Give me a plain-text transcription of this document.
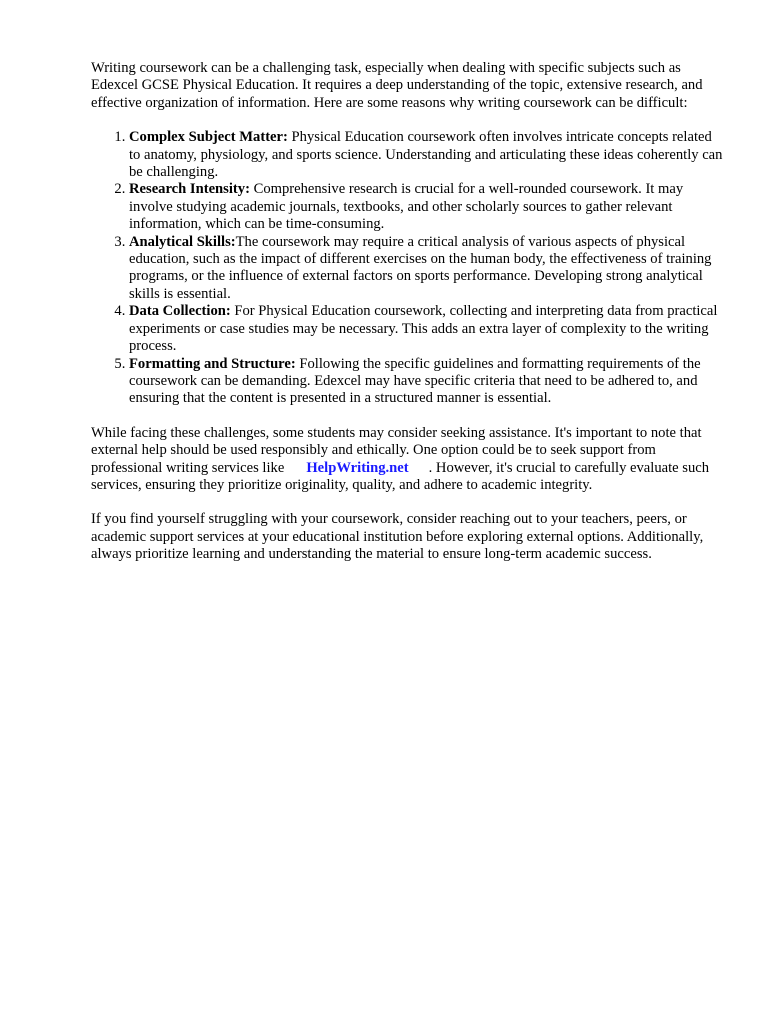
Writing coursework can be a challenging task, especially when dealing with specific subjects such as Edexcel GCSE Physical Education. It requires a deep understanding of the topic, extensive research, and effective organization of information. Here are some reasons why writing coursework can be difficult:

1. Complex Subject Matter: Physical Education coursework often involves intricate concepts related to anatomy, physiology, and sports science. Understanding and articulating these ideas coherently can be challenging.
2. Research Intensity: Comprehensive research is crucial for a well-rounded coursework. It may involve studying academic journals, textbooks, and other scholarly sources to gather relevant information, which can be time-consuming.
3. Analytical Skills:The coursework may require a critical analysis of various aspects of physical education, such as the impact of different exercises on the human body, the effectiveness of training programs, or the influence of external factors on sports performance. Developing strong analytical skills is essential.
4. Data Collection: For Physical Education coursework, collecting and interpreting data from practical experiments or case studies may be necessary. This adds an extra layer of complexity to the writing process.
5. Formatting and Structure: Following the specific guidelines and formatting requirements of the coursework can be demanding. Edexcel may have specific criteria that need to be adhered to, and ensuring that the content is presented in a structured manner is essential.

While facing these challenges, some students may consider seeking assistance. It's important to note that external help should be used responsibly and ethically. One option could be to seek support from professional writing services like HelpWriting.net . However, it's crucial to carefully evaluate such services, ensuring they prioritize originality, quality, and adhere to academic integrity.

If you find yourself struggling with your coursework, consider reaching out to your teachers, peers, or academic support services at your educational institution before exploring external options. Additionally, always prioritize learning and understanding the material to ensure long-term academic success.
